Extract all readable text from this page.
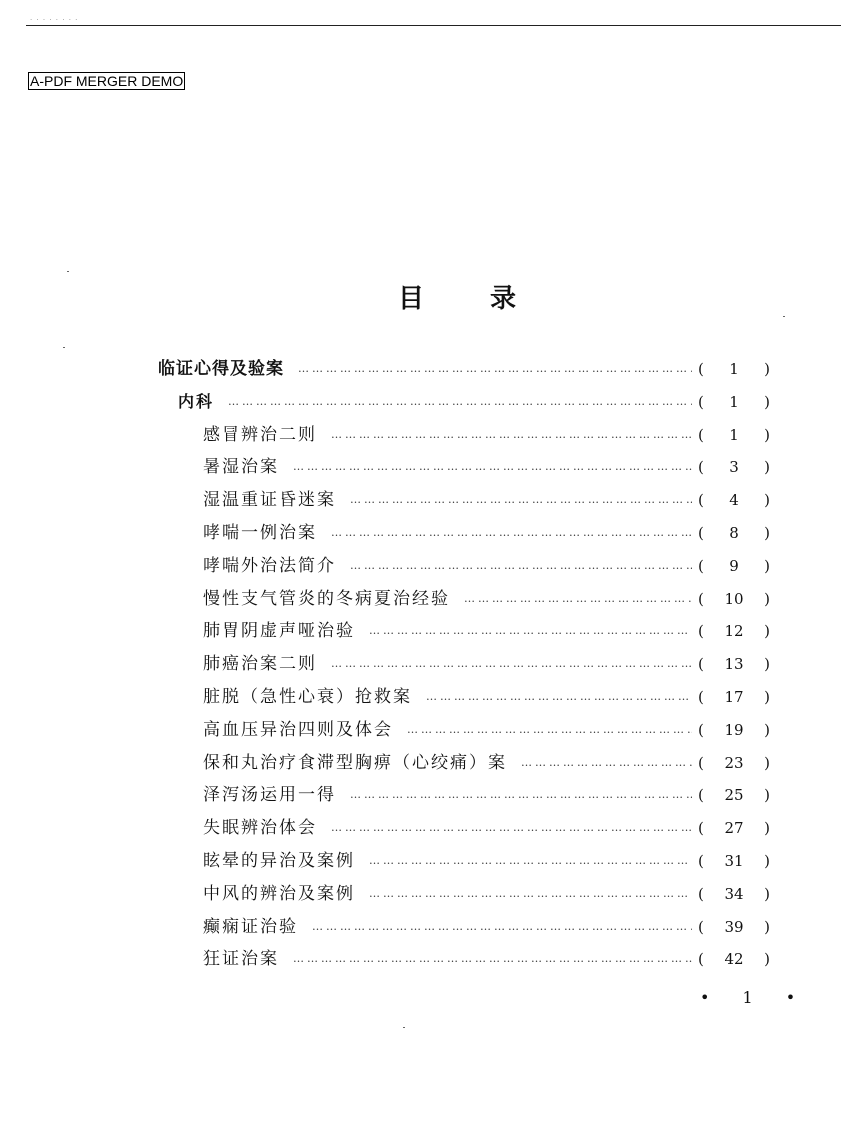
· · · · · · · ·
A-PDF MERGER DEMO
目	录
临证心得及验案 ……………………………………………………………………………………………………………………………………………………………………………………………………………………	(	1	)
内科 ……………………………………………………………………………………………………………………………………………………………………………………………………………………	(	1	)
感冒辨治二则 ……………………………………………………………………………………………………………………………………………………………………………………………………………………	(	1	)
暑湿治案 ……………………………………………………………………………………………………………………………………………………………………………………………………………………	(	3	)
湿温重证昏迷案 ……………………………………………………………………………………………………………………………………………………………………………………………………………………	(	4	)
哮喘一例治案 ……………………………………………………………………………………………………………………………………………………………………………………………………………………	(	8	)
哮喘外治法简介 ……………………………………………………………………………………………………………………………………………………………………………………………………………………	(	9	)
慢性支气管炎的冬病夏治经验 ……………………………………………………………………………………………………………………………………………………………………………………………………………………	(	10	)
肺胃阴虚声哑治验 ……………………………………………………………………………………………………………………………………………………………………………………………………………………	(	12	)
肺癌治案二则 ……………………………………………………………………………………………………………………………………………………………………………………………………………………	(	13	)
脏脱（急性心衰）抢救案 ……………………………………………………………………………………………………………………………………………………………………………………………………………………	(	17	)
高血压异治四则及体会 ……………………………………………………………………………………………………………………………………………………………………………………………………………………	(	19	)
保和丸治疗食滞型胸痹（心绞痛）案 ……………………………………………………………………………………………………………………………………………………………………………………………………………………	(	23	)
泽泻汤运用一得 ……………………………………………………………………………………………………………………………………………………………………………………………………………………	(	25	)
失眠辨治体会 ……………………………………………………………………………………………………………………………………………………………………………………………………………………	(	27	)
眩晕的异治及案例 ……………………………………………………………………………………………………………………………………………………………………………………………………………………	(	31	)
中风的辨治及案例 ……………………………………………………………………………………………………………………………………………………………………………………………………………………	(	34	)
癫痫证治验 ……………………………………………………………………………………………………………………………………………………………………………………………………………………	(	39	)
狂证治案 ……………………………………………………………………………………………………………………………………………………………………………………………………………………	(	42	)
• 1 •
